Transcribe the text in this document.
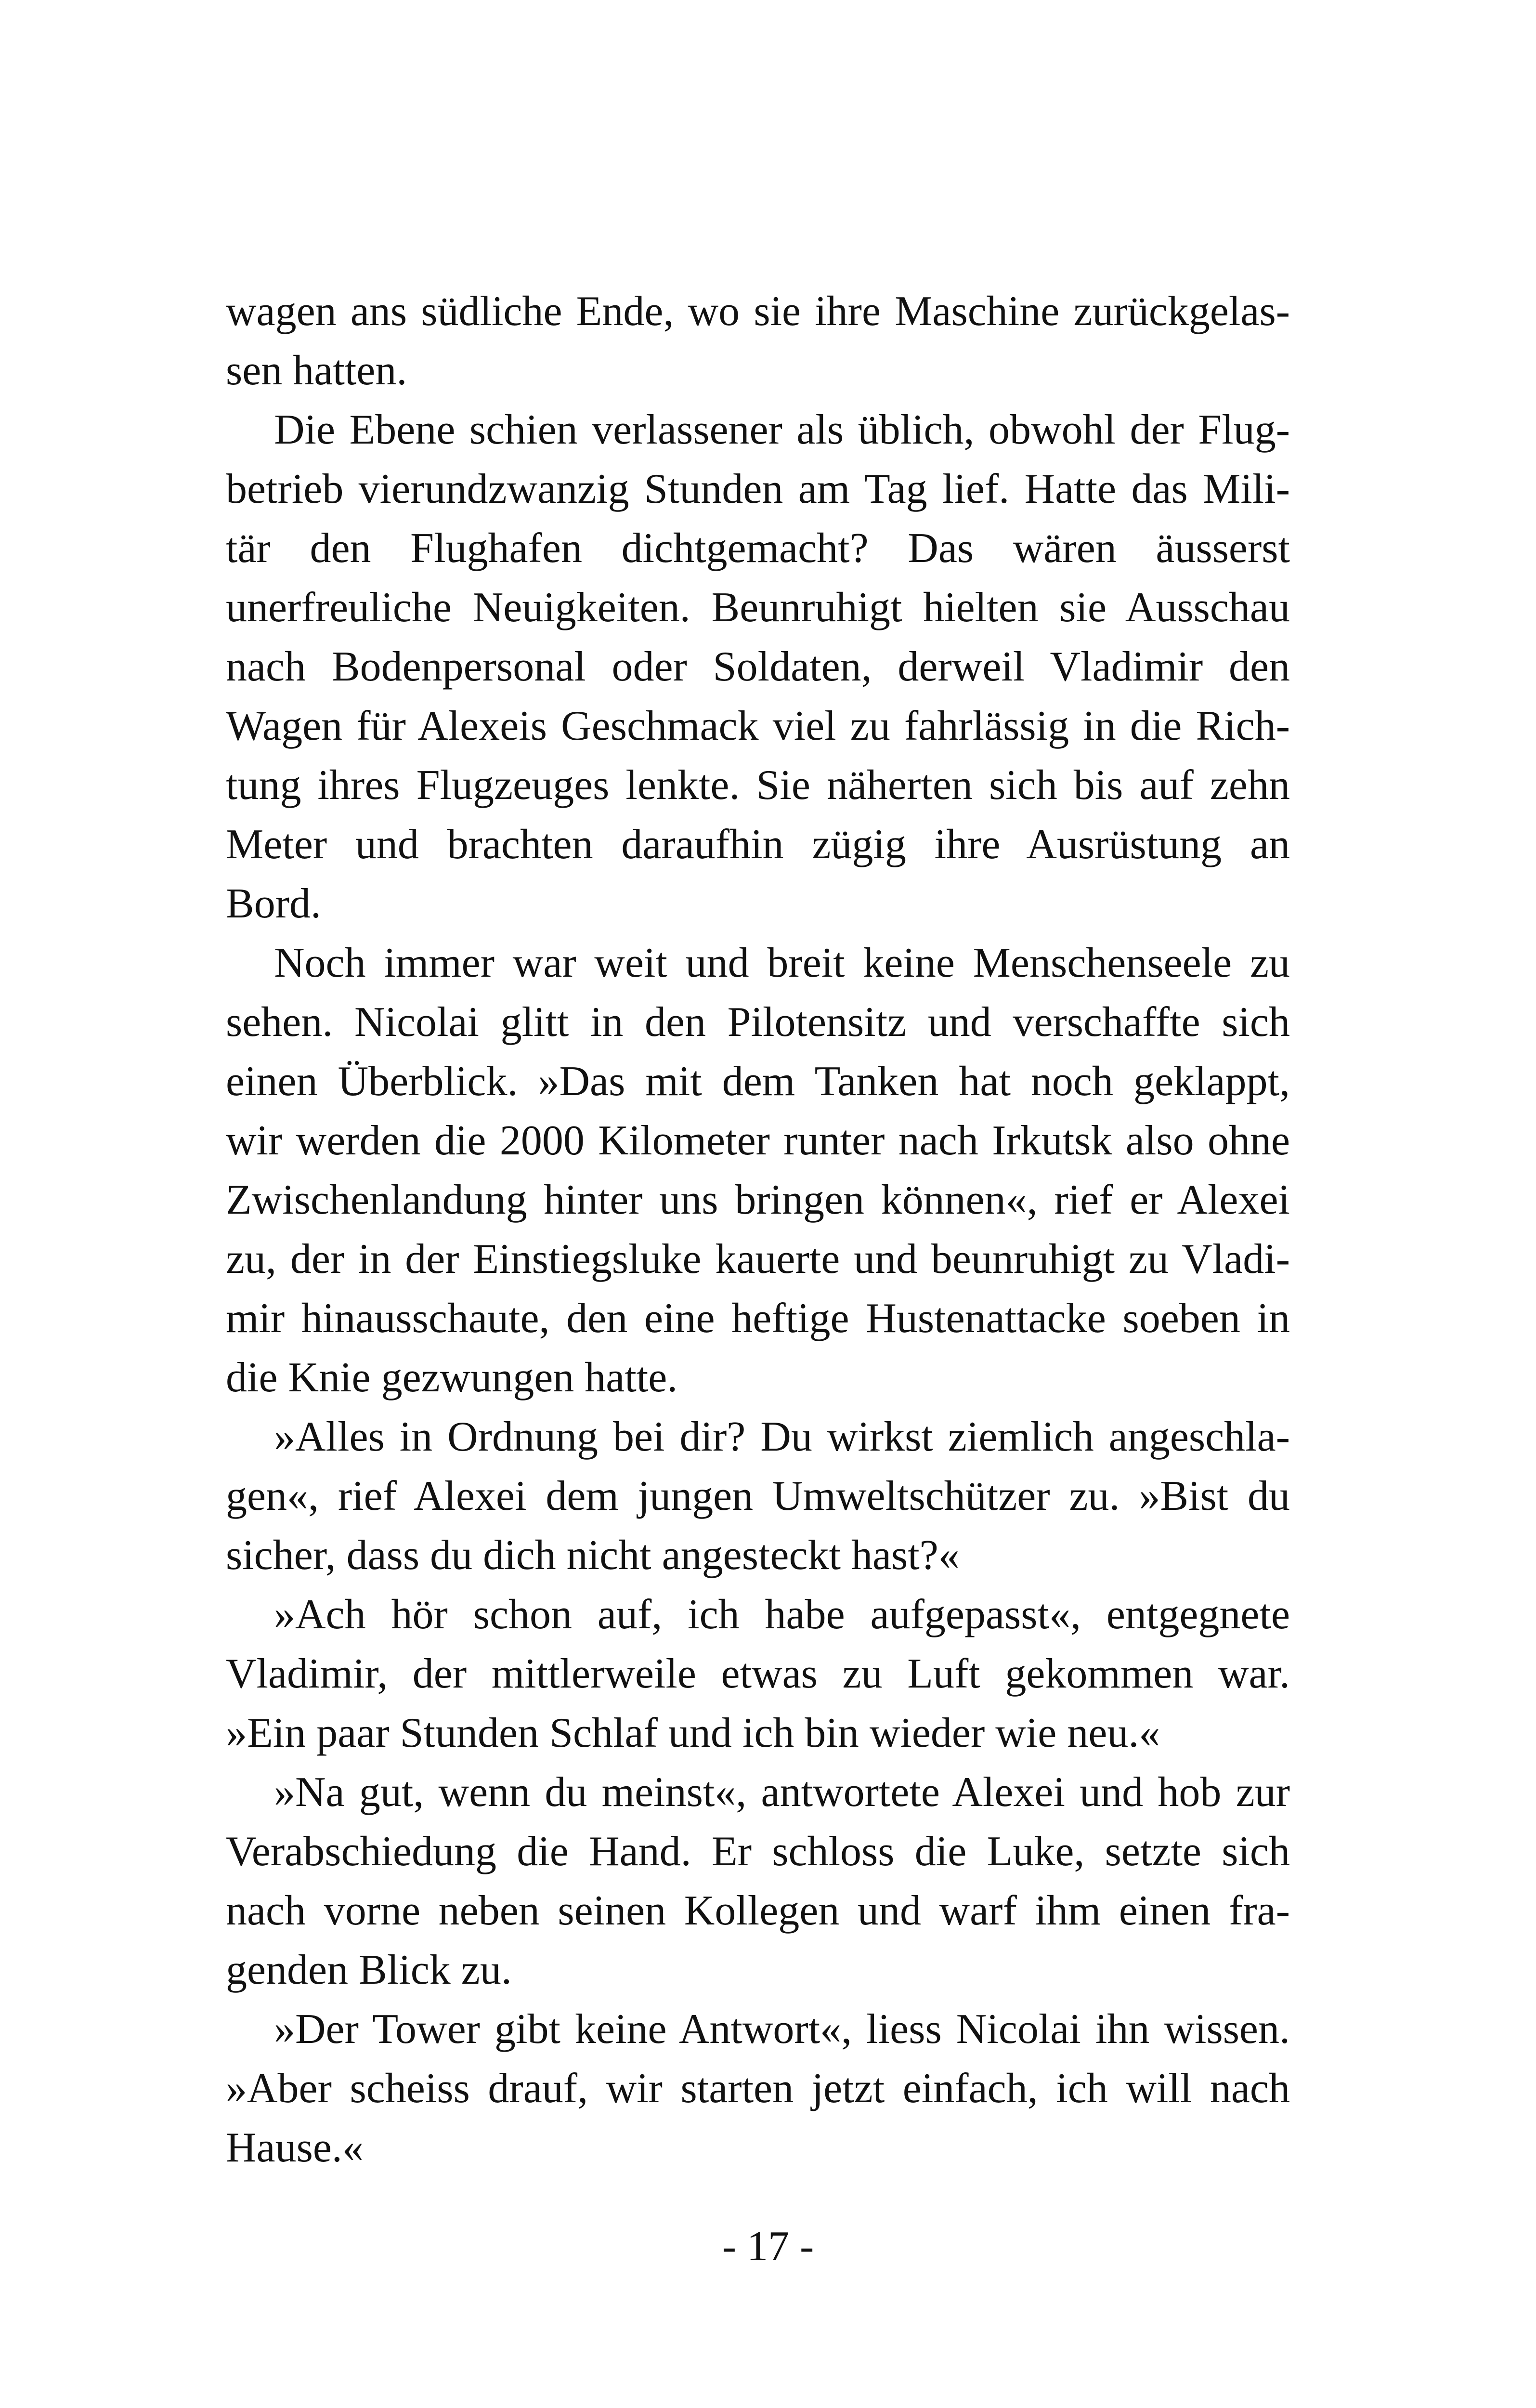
wagen ans südliche Ende, wo sie ihre Maschine zurückgelas-
sen hatten.
Die Ebene schien verlassener als üblich, obwohl der Flug-
betrieb vierundzwanzig Stunden am Tag lief. Hatte das Mili-
tär den Flughafen dichtgemacht? Das wären äusserst
unerfreuliche Neuigkeiten. Beunruhigt hielten sie Ausschau
nach Bodenpersonal oder Soldaten, derweil Vladimir den
Wagen für Alexeis Geschmack viel zu fahrlässig in die Rich-
tung ihres Flugzeuges lenkte. Sie näherten sich bis auf zehn
Meter und brachten daraufhin zügig ihre Ausrüstung an
Bord.
Noch immer war weit und breit keine Menschenseele zu
sehen. Nicolai glitt in den Pilotensitz und verschaffte sich
einen Überblick. »Das mit dem Tanken hat noch geklappt,
wir werden die 2000 Kilometer runter nach Irkutsk also ohne
Zwischenlandung hinter uns bringen können«, rief er Alexei
zu, der in der Einstiegsluke kauerte und beunruhigt zu Vladi-
mir hinausschaute, den eine heftige Hustenattacke soeben in
die Knie gezwungen hatte.
»Alles in Ordnung bei dir? Du wirkst ziemlich angeschla-
gen«, rief Alexei dem jungen Umweltschützer zu. »Bist du
sicher, dass du dich nicht angesteckt hast?«
»Ach hör schon auf, ich habe aufgepasst«, entgegnete
Vladimir, der mittlerweile etwas zu Luft gekommen war.
»Ein paar Stunden Schlaf und ich bin wieder wie neu.«
»Na gut, wenn du meinst«, antwortete Alexei und hob zur
Verabschiedung die Hand. Er schloss die Luke, setzte sich
nach vorne neben seinen Kollegen und warf ihm einen fra-
genden Blick zu.
»Der Tower gibt keine Antwort«, liess Nicolai ihn wissen.
»Aber scheiss drauf, wir starten jetzt einfach, ich will nach
Hause.«
- 17 -
